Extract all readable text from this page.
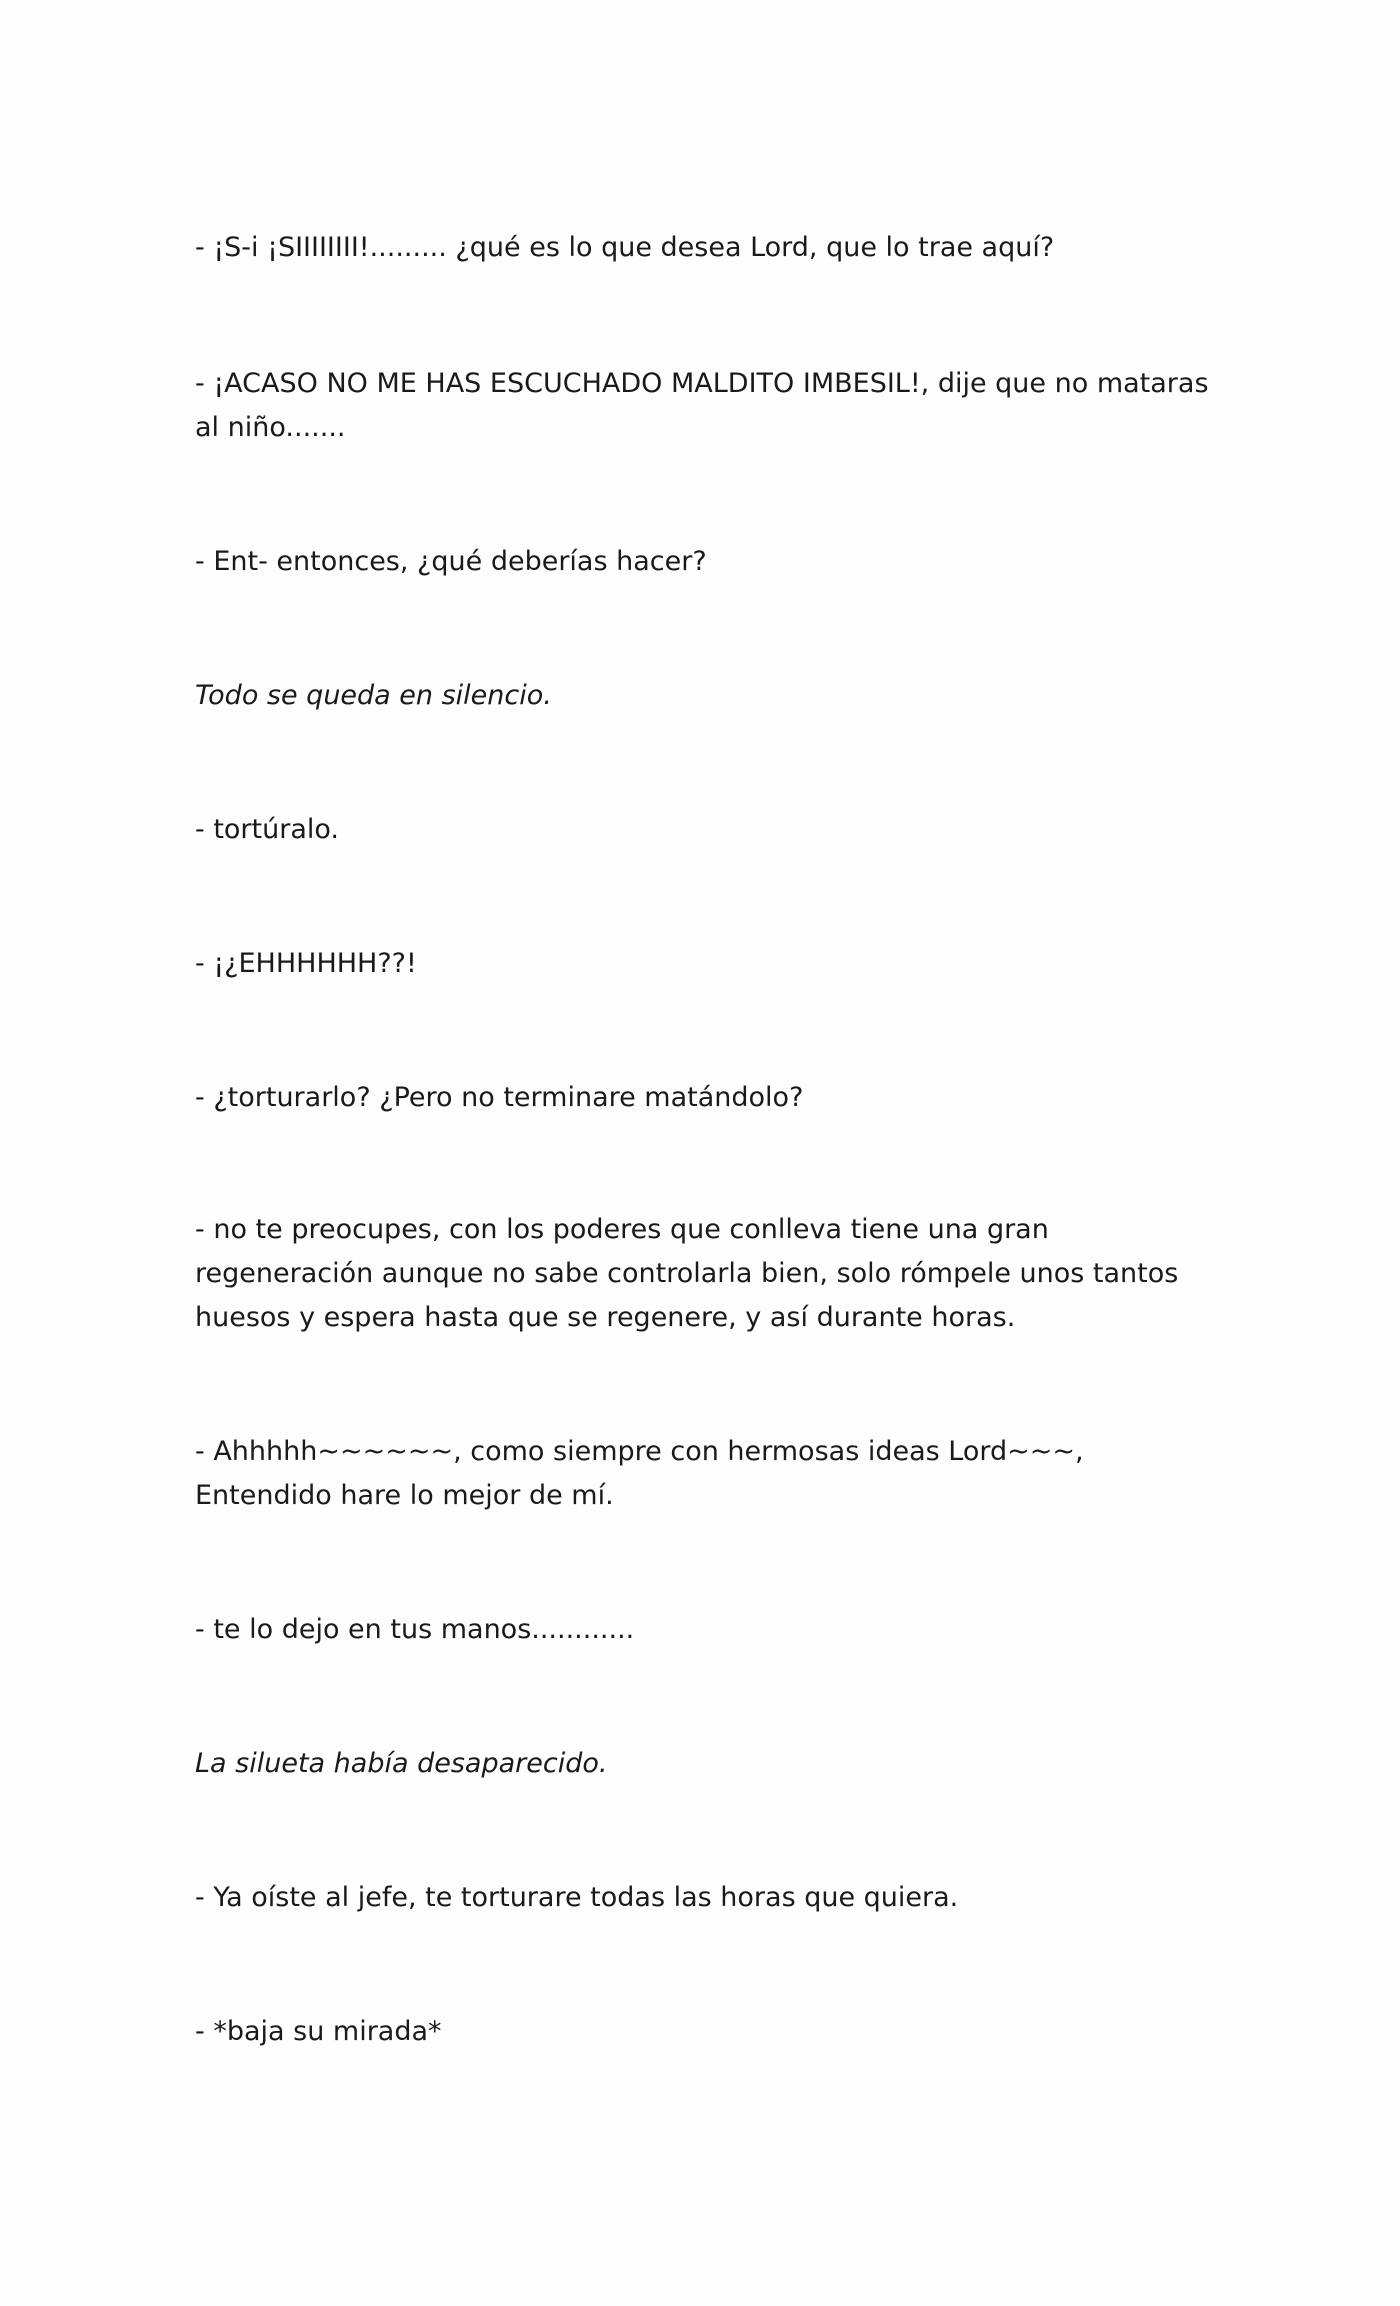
- ¡S-i ¡SIIIIIIII!......... ¿qué es lo que desea Lord, que lo trae aquí?

- ¡ACASO NO ME HAS ESCUCHADO MALDITO IMBESIL!, dije que no mataras al niño.......

- Ent- entonces, ¿qué deberías hacer?

Todo se queda en silencio.

- tortúralo.

- ¡¿EHHHHHH??!

- ¿torturarlo? ¿Pero no terminare matándolo?

- no te preocupes, con los poderes que conlleva tiene una gran regeneración aunque no sabe controlarla bien, solo rómpele unos tantos huesos y espera hasta que se regenere, y así durante horas.

- Ahhhhh~~~~~~, como siempre con hermosas ideas Lord~~~, Entendido hare lo mejor de mí.

- te lo dejo en tus manos............

La silueta había desaparecido.

- Ya oíste al jefe, te torturare todas las horas que quiera.

- *baja su mirada*
